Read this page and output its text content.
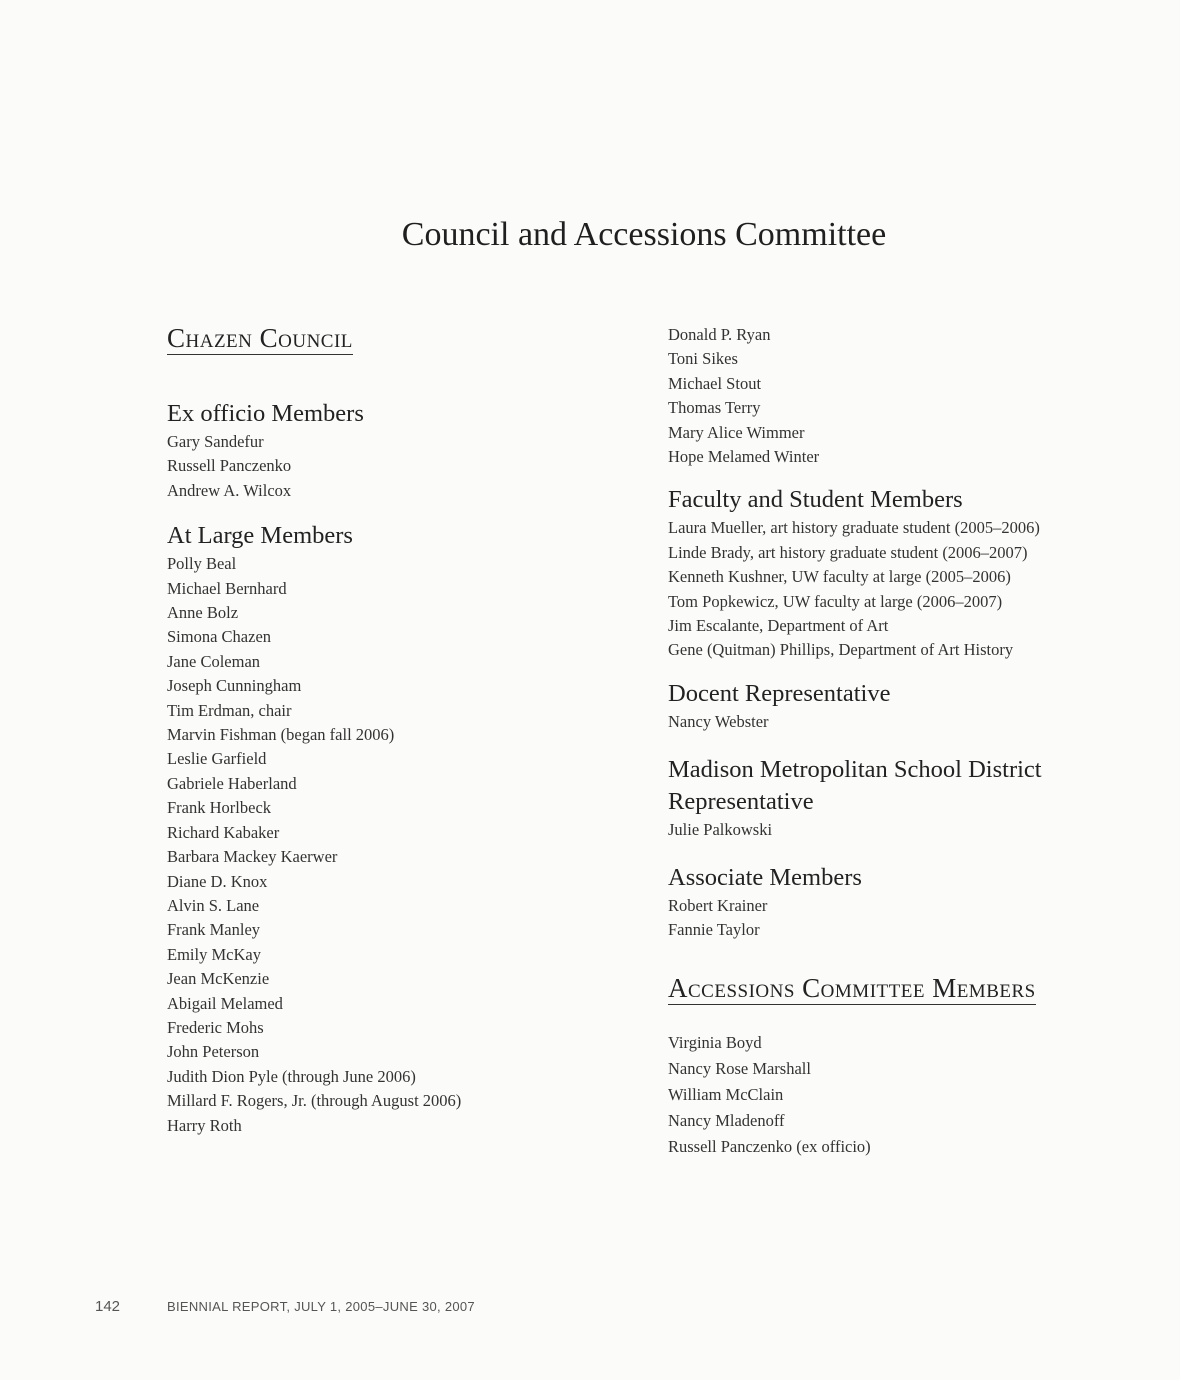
Council and Accessions Committee
Chazen Council
Ex officio Members
Gary Sandefur
Russell Panczenko
Andrew A. Wilcox
At Large Members
Polly Beal
Michael Bernhard
Anne Bolz
Simona Chazen
Jane Coleman
Joseph Cunningham
Tim Erdman, chair
Marvin Fishman (began fall 2006)
Leslie Garfield
Gabriele Haberland
Frank Horlbeck
Richard Kabaker
Barbara Mackey Kaerwer
Diane D. Knox
Alvin S. Lane
Frank Manley
Emily McKay
Jean McKenzie
Abigail Melamed
Frederic Mohs
John Peterson
Judith Dion Pyle (through June 2006)
Millard F. Rogers, Jr. (through August 2006)
Harry Roth
Donald P. Ryan
Toni Sikes
Michael Stout
Thomas Terry
Mary Alice Wimmer
Hope Melamed Winter
Faculty and Student Members
Laura Mueller, art history graduate student (2005–2006)
Linde Brady, art history graduate student (2006–2007)
Kenneth Kushner, UW faculty at large (2005–2006)
Tom Popkewicz, UW faculty at large (2006–2007)
Jim Escalante, Department of Art
Gene (Quitman) Phillips, Department of Art History
Docent Representative
Nancy Webster
Madison Metropolitan School District
Representative
Julie Palkowski
Associate Members
Robert Krainer
Fannie Taylor
Accessions Committee Members
Virginia Boyd
Nancy Rose Marshall
William McClain
Nancy Mladenoff
Russell Panczenko (ex officio)
142	BIENNIAL REPORT, JULY 1, 2005–JUNE 30, 2007
